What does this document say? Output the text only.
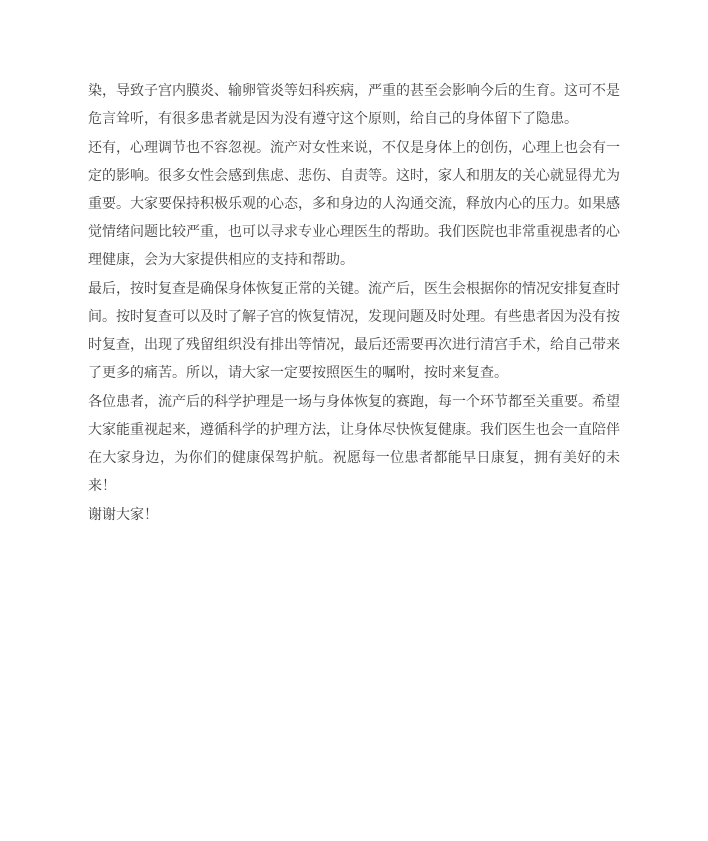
染，导致子宫内膜炎、输卵管炎等妇科疾病，严重的甚至会影响今后的生育。这可不是危言耸听，有很多患者就是因为没有遵守这个原则，给自己的身体留下了隐患。

还有，心理调节也不容忽视。流产对女性来说，不仅是身体上的创伤，心理上也会有一定的影响。很多女性会感到焦虑、悲伤、自责等。这时，家人和朋友的关心就显得尤为重要。大家要保持积极乐观的心态，多和身边的人沟通交流，释放内心的压力。如果感觉情绪问题比较严重，也可以寻求专业心理医生的帮助。我们医院也非常重视患者的心理健康，会为大家提供相应的支持和帮助。

最后，按时复查是确保身体恢复正常的关键。流产后，医生会根据你的情况安排复查时间。按时复查可以及时了解子宫的恢复情况，发现问题及时处理。有些患者因为没有按时复查，出现了残留组织没有排出等情况，最后还需要再次进行清宫手术，给自己带来了更多的痛苦。所以，请大家一定要按照医生的嘱咐，按时来复查。

各位患者，流产后的科学护理是一场与身体恢复的赛跑，每一个环节都至关重要。希望大家能重视起来，遵循科学的护理方法，让身体尽快恢复健康。我们医生也会一直陪伴在大家身边，为你们的健康保驾护航。祝愿每一位患者都能早日康复，拥有美好的未来！

谢谢大家！
